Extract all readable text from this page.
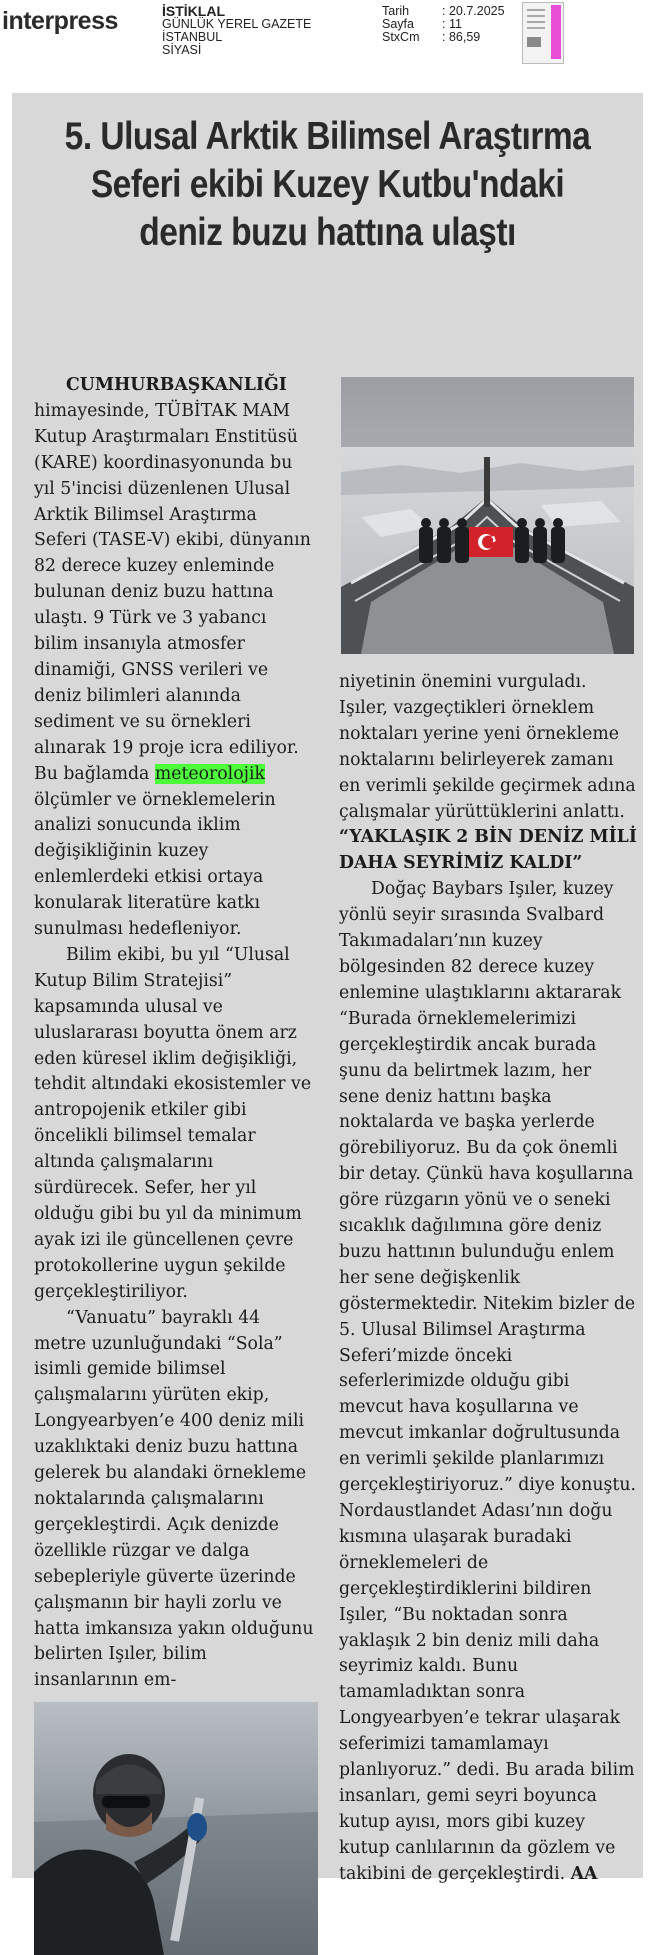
interpress	İSTİKLAL
GÜNLÜK YEREL GAZETE
İSTANBUL
SİYASİ
Tarih	: 20.7.2025
Sayfa	: 11
StxCm	: 86,59
5. Ulusal Arktik Bilimsel Araştırma Seferi ekibi Kuzey Kutbu'ndaki deniz buzu hattına ulaştı

CUMHURBAŞKANLIĞI himayesinde, TÜBİTAK MAM Kutup Araştırmaları Enstitüsü (KARE) koordinasyonunda bu yıl 5'incisi düzenlenen Ulusal Arktik Bilimsel Araştırma Seferi (TASE-V) ekibi, dünyanın 82 derece kuzey enleminde bulunan deniz buzu hattına ulaştı. 9 Türk ve 3 yabancı bilim insanıyla atmosfer dinamiği, GNSS verileri ve deniz bilimleri alanında sediment ve su örnekleri alınarak 19 proje icra ediliyor. Bu bağlamda meteorolojik ölçümler ve örneklemelerin analizi sonucunda iklim değişikliğinin kuzey enlemlerdeki etkisi ortaya konularak literatüre katkı sunulması hedefleniyor.

Bilim ekibi, bu yıl “Ulusal Kutup Bilim Stratejisi” kapsamında ulusal ve uluslararası boyutta önem arz eden küresel iklim değişikliği, tehdit altındaki ekosistemler ve antropojenik etkiler gibi öncelikli bilimsel temalar altında çalışmalarını sürdürecek. Sefer, her yıl olduğu gibi bu yıl da minimum ayak izi ile güncellenen çevre protokollerine uygun şekilde gerçekleştiriliyor.

“Vanuatu” bayraklı 44 metre uzunluğundaki “Sola” isimli gemide bilimsel çalışmalarını yürüten ekip, Longyearbyen’e 400 deniz mili uzaklıktaki deniz buzu hattına gelerek bu alandaki örnekleme noktalarında çalışmalarını gerçekleştirdi. Açık denizde özellikle rüzgar ve dalga sebepleriyle güverte üzerinde çalışmanın bir hayli zorlu ve hatta imkansıza yakın olduğunu belirten Işıler, bilim insanlarının em-

niyetinin önemini vurguladı. Işıler, vazgeçtikleri örneklem noktaları yerine yeni örnekleme noktalarını belirleyerek zamanı en verimli şekilde geçirmek adına çalışmalar yürüttüklerini anlattı.

“YAKLAŞIK 2 BİN DENİZ MİLİ DAHA SEYRİMİZ KALDI”

Doğaç Baybars Işıler, kuzey yönlü seyir sırasında Svalbard Takımadaları’nın kuzey bölgesinden 82 derece kuzey enlemine ulaştıklarını aktararak “Burada örneklemelerimizi gerçekleştirdik ancak burada şunu da belirtmek lazım, her sene deniz hattını başka noktalarda ve başka yerlerde görebiliyoruz. Bu da çok önemli bir detay. Çünkü hava koşullarına göre rüzgarın yönü ve o seneki sıcaklık dağılımına göre deniz buzu hattının bulunduğu enlem her sene değişkenlik göstermektedir. Nitekim bizler de 5. Ulusal Bilimsel Araştırma Seferi’mizde önceki seferlerimizde olduğu gibi mevcut hava koşullarına ve mevcut imkanlar doğrultusunda en verimli şekilde planlarımızı gerçekleştiriyoruz.” diye konuştu. Nordaustlandet Adası’nın doğu kısmına ulaşarak buradaki örneklemeleri de gerçekleştirdiklerini bildiren Işıler, “Bu noktadan sonra yaklaşık 2 bin deniz mili daha seyrimiz kaldı. Bunu tamamladıktan sonra Longyearbyen’e tekrar ulaşarak seferimizi tamamlamayı planlıyoruz.” dedi. Bu arada bilim insanları, gemi seyri boyunca kutup ayısı, mors gibi kuzey kutup canlılarının da gözlem ve takibini de gerçekleştirdi. AA
